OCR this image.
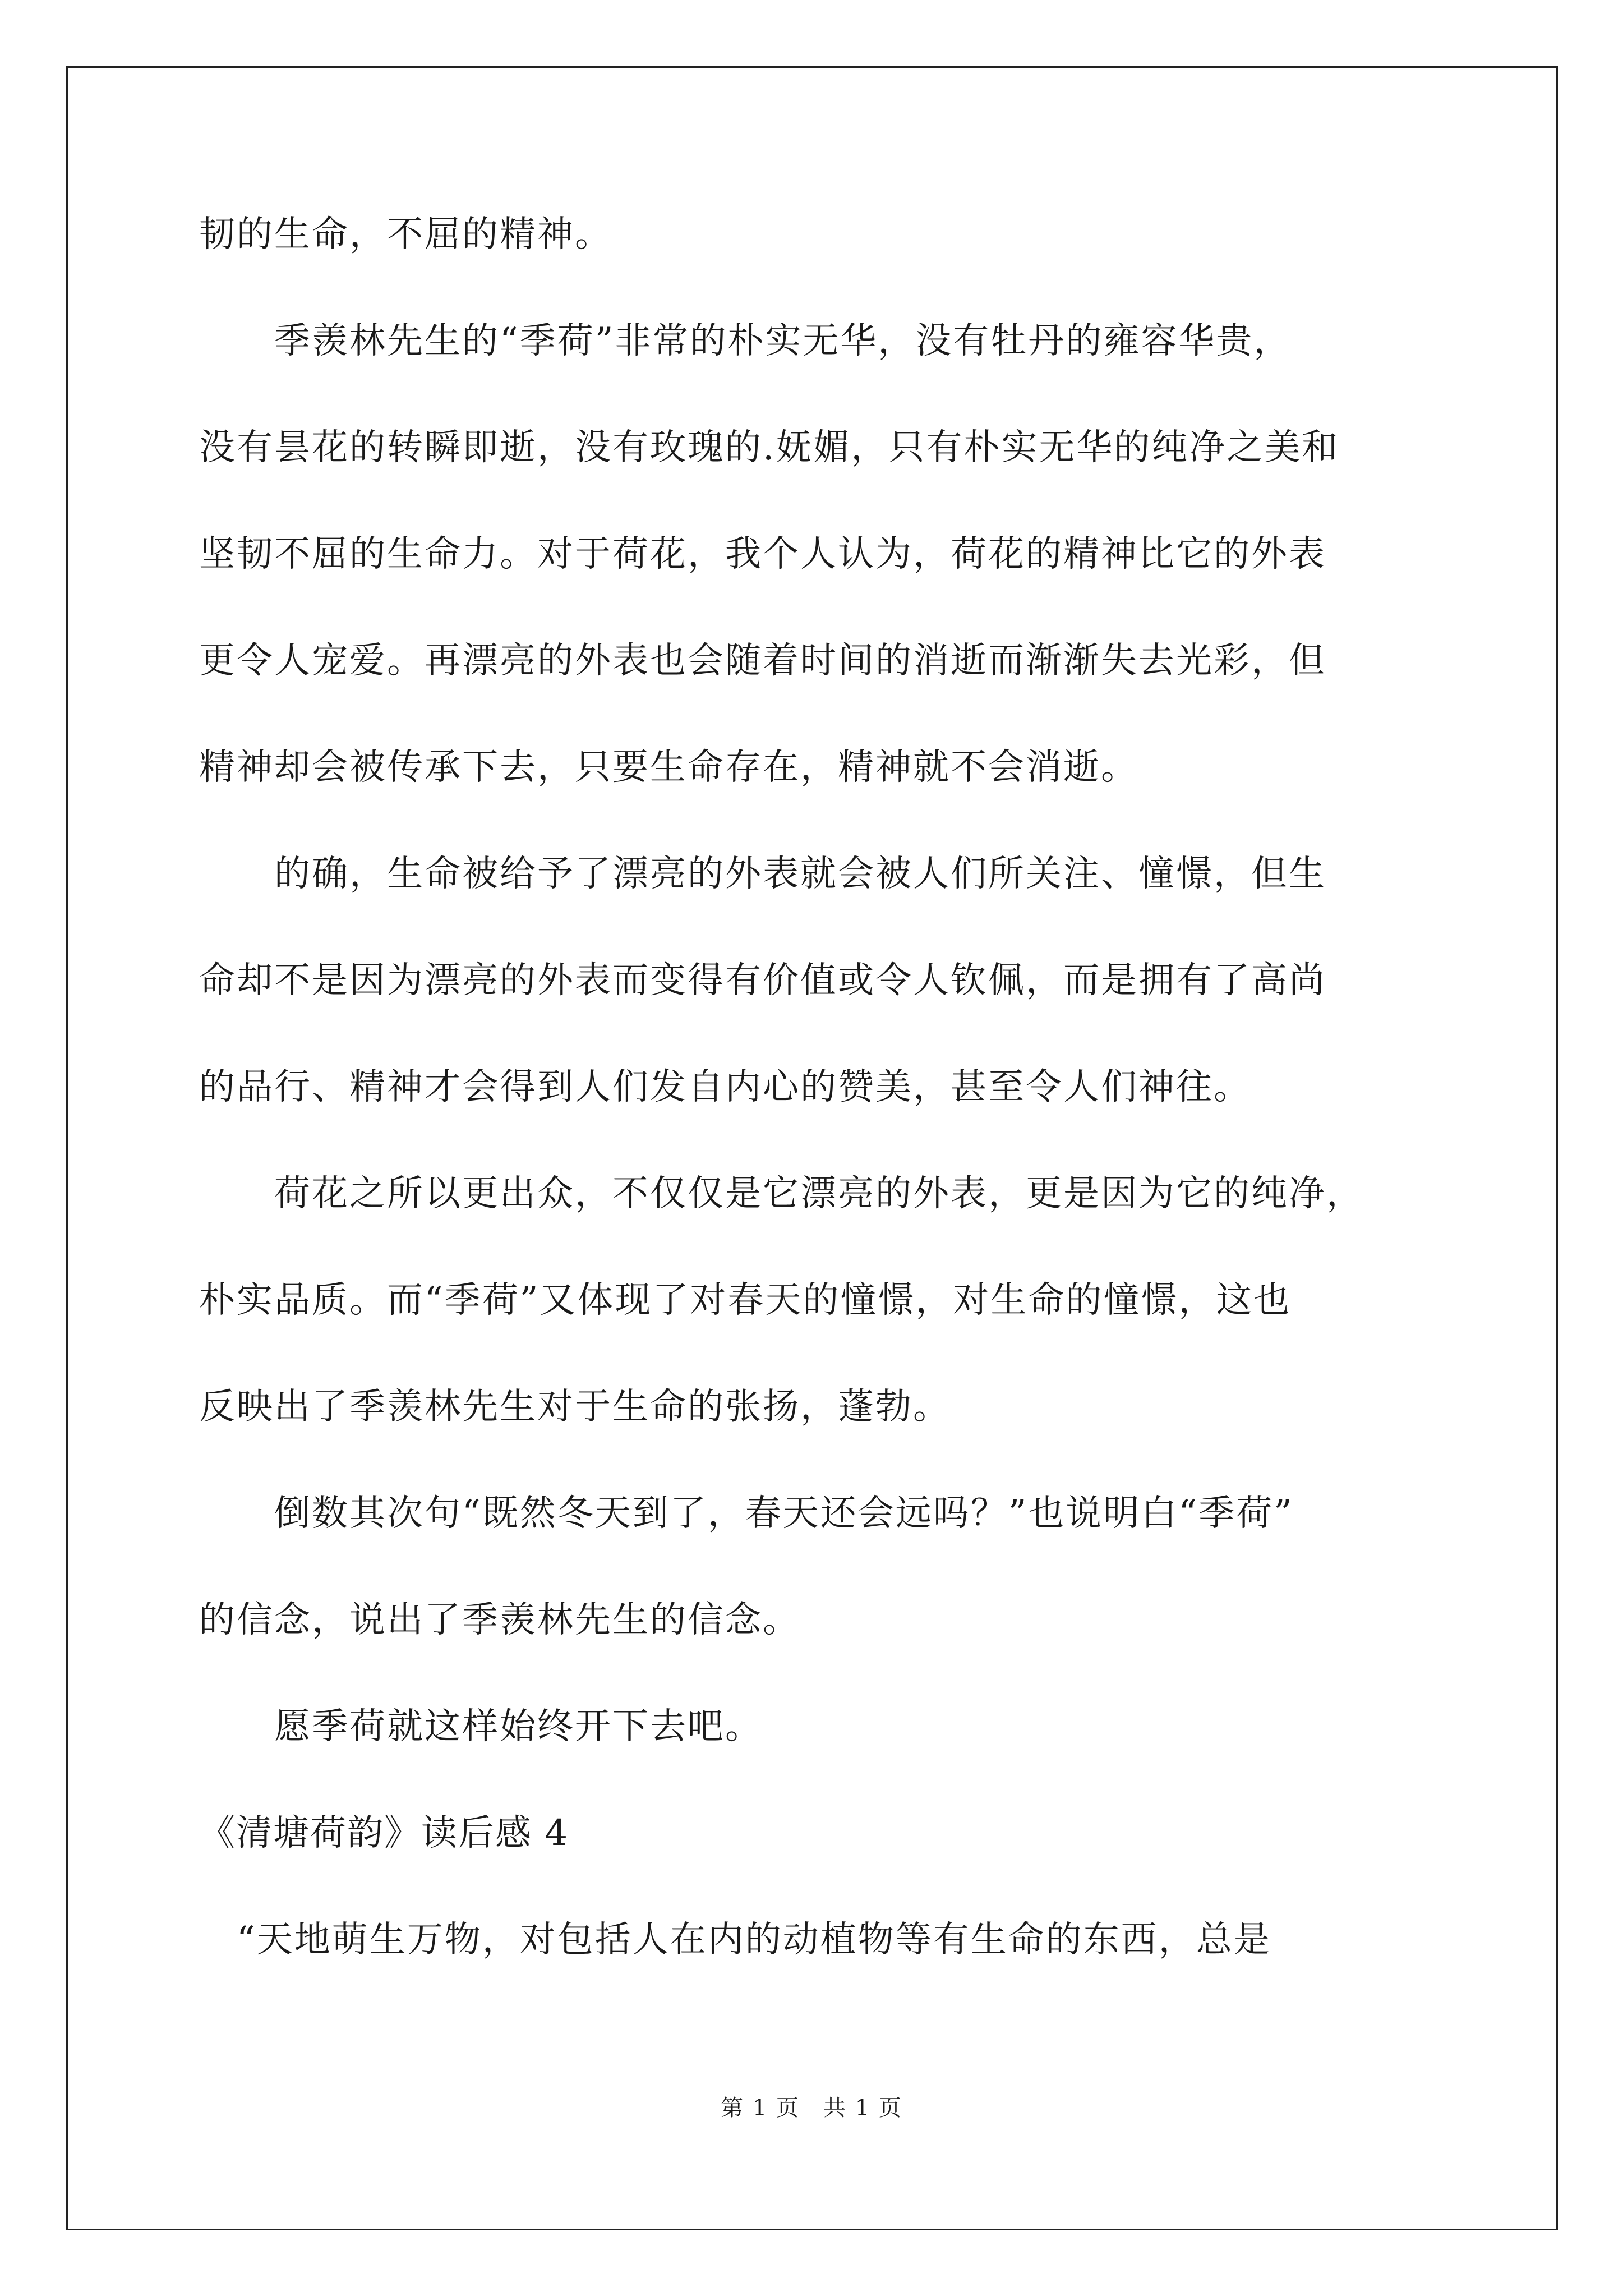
韧的生命，不屈的精神。
　　季羡林先生的“季荷”非常的朴实无华，没有牡丹的雍容华贵，
没有昙花的转瞬即逝，没有玫瑰的.妩媚，只有朴实无华的纯净之美和
坚韧不屈的生命力。对于荷花，我个人认为，荷花的精神比它的外表
更令人宠爱。再漂亮的外表也会随着时间的消逝而渐渐失去光彩，但
精神却会被传承下去，只要生命存在，精神就不会消逝。
　　的确，生命被给予了漂亮的外表就会被人们所关注、憧憬，但生
命却不是因为漂亮的外表而变得有价值或令人钦佩，而是拥有了高尚
的品行、精神才会得到人们发自内心的赞美，甚至令人们神往。
　　荷花之所以更出众，不仅仅是它漂亮的外表，更是因为它的纯净，
朴实品质。而“季荷”又体现了对春天的憧憬，对生命的憧憬，这也
反映出了季羡林先生对于生命的张扬，蓬勃。
　　倒数其次句“既然冬天到了，春天还会远吗？”也说明白“季荷”
的信念，说出了季羡林先生的信念。
　　愿季荷就这样始终开下去吧。
《清塘荷韵》读后感 4
　“天地萌生万物，对包括人在内的动植物等有生命的东西，总是
第 1 页　共 1 页
